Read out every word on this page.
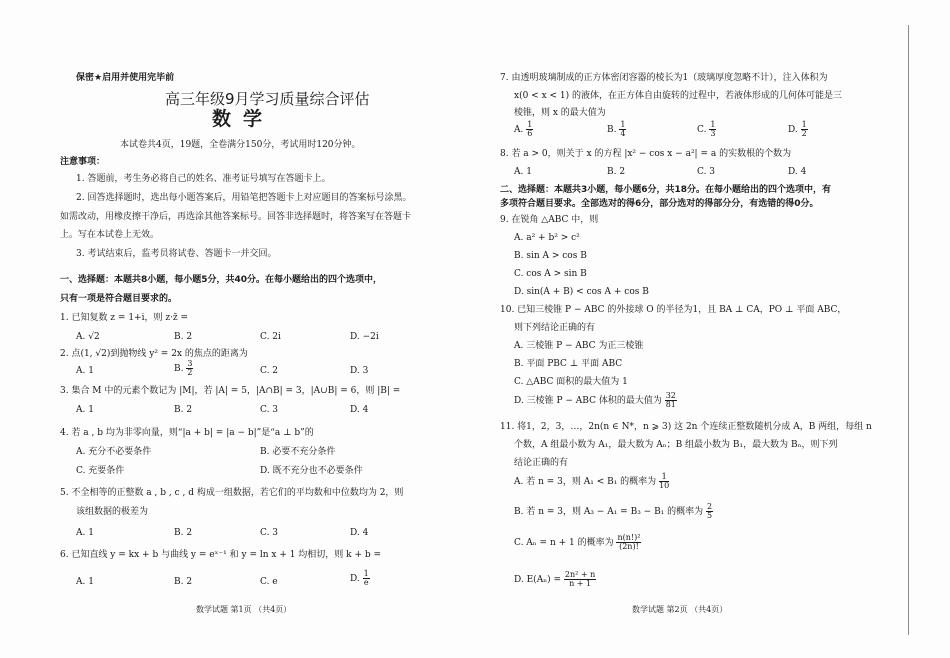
保密★启用并使用完毕前
高三年级9月学习质量综合评估
数学
本试卷共4页，19题，全卷满分150分，考试用时120分钟。
注意事项：
1. 答题前，考生务必将自己的姓名、准考证号填写在答题卡上。
2. 回答选择题时，选出每小题答案后，用铅笔把答题卡上对应题目的答案标号涂黑。
如需改动，用橡皮擦干净后，再选涂其他答案标号。回答非选择题时，将答案写在答题卡
上。写在本试卷上无效。
3. 考试结束后，监考员将试卷、答题卡一并交回。
一、选择题：本题共8小题，每小题5分，共40分。在每小题给出的四个选项中，
只有一项是符合题目要求的。
1. 已知复数 z = 1+i，则 z·z̄ =
A. √2	B. 2	C. 2i	D. −2i
2. 点(1, √2)到抛物线 y² = 2x 的焦点的距离为
A. 1	B. $\frac{3}{2}$	C. 2	D. 3
3. 集合 M 中的元素个数记为 |M|，若 |A| = 5，|A∩B| = 3，|A∪B| = 6，则 |B| =
A. 1	B. 2	C. 3	D. 4
4. 若 a , b 均为非零向量，则“|a + b| = |a − b|”是“a ⊥ b”的
A. 充分不必要条件	B. 必要不充分条件
C. 充要条件	D. 既不充分也不必要条件
5. 不全相等的正整数 a , b , c , d 构成一组数据，若它们的平均数和中位数均为 2，则
该组数据的极差为
A. 1	B. 2	C. 3	D. 4
6. 已知直线 y = kx + b 与曲线 y = eˣ⁻¹ 和 y = ln x + 1 均相切，则 k + b =
A. 1	B. 2	C. e	D. $\frac{1}{e}$
数学试题 第1页 （共4页）
7. 由透明玻璃制成的正方体密闭容器的棱长为1（玻璃厚度忽略不计），注入体积为
x(0 < x < 1) 的液体，在正方体自由旋转的过程中，若液体形成的几何体可能是三
棱锥，则 x 的最大值为
A. $\frac{1}{6}$	B. $\frac{1}{4}$	C. $\frac{1}{3}$	D. $\frac{1}{2}$
8. 若 a > 0，则关于 x 的方程 |x² − cos x − a²| = a 的实数根的个数为
A. 1	B. 2	C. 3	D. 4
二、选择题：本题共3小题，每小题6分，共18分。在每小题给出的四个选项中，有
多项符合题目要求。全部选对的得6分，部分选对的得部分分，有选错的得0分。
9. 在锐角 △ABC 中，则
A. a² + b² > c²
B. sin A > cos B
C. cos A > sin B
D. sin(A + B) < cos A + cos B
10. 已知三棱锥 P − ABC 的外接球 O 的半径为1，且 BA ⊥ CA，PO ⊥ 平面 ABC，
则下列结论正确的有
A. 三棱锥 P − ABC 为正三棱锥
B. 平面 PBC ⊥ 平面 ABC
C. △ABC 面积的最大值为 1
D. 三棱锥 P − ABC 体积的最大值为 $\frac{32}{81}$
11. 将1，2，3，…，2n(n ∈ N*，n ⩾ 3) 这 2n 个连续正整数随机分成 A，B 两组，每组 n
个数，A 组最小数为 A₁，最大数为 Aₙ；B 组最小数为 B₁，最大数为 Bₙ，则下列
结论正确的有
A. 若 n = 3，则 A₁ < B₁ 的概率为 $\frac{1}{10}$
B. 若 n = 3，则 A₃ − A₁ = B₃ − B₁ 的概率为 $\frac{2}{5}$
C. Aₙ = n + 1 的概率为 $\frac{\text{n(n!)²}}{(2n)!}$
D. $E(A_n) = \frac{\text{2n² + n}}{n + 1}$
数学试题 第2页 （共4页）
